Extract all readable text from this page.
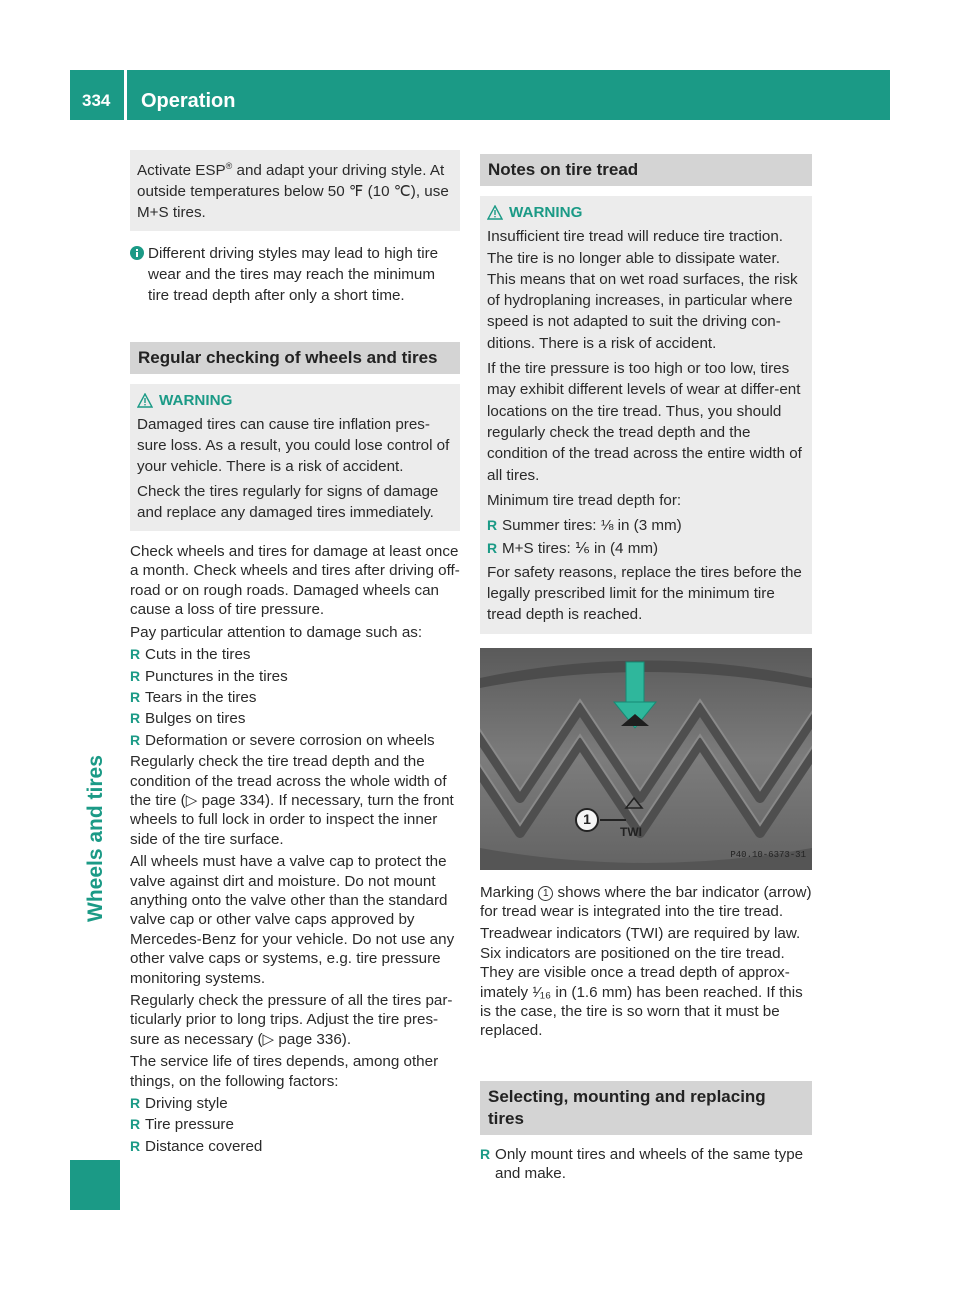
334	Operation
Wheels and tires

Activate ESP® and adapt your driving style. At outside temperatures below 50 ℉ (10 ℃), use M+S tires.

Different driving styles may lead to high tire wear and the tires may reach the minimum tire tread depth after only a short time.
Regular checking of wheels and tires
WARNING

Damaged tires can cause tire inflation pres-sure loss. As a result, you could lose control of your vehicle. There is a risk of accident.

Check the tires regularly for signs of damage and replace any damaged tires immediately.

Check wheels and tires for damage at least once a month. Check wheels and tires after driving off-road or on rough roads. Damaged wheels can cause a loss of tire pressure.

Pay particular attention to damage such as:

R Cuts in the tires
R Punctures in the tires
R Tears in the tires
R Bulges on tires
R Deformation or severe corrosion on wheels

Regularly check the tire tread depth and the condition of the tread across the whole width of the tire (▷ page 334). If necessary, turn the front wheels to full lock in order to inspect the inner side of the tire surface.

All wheels must have a valve cap to protect the valve against dirt and moisture. Do not mount anything onto the valve other than the standard valve cap or other valve caps approved by Mercedes-Benz for your vehicle. Do not use any other valve caps or systems, e.g. tire pressure monitoring systems.

Regularly check the pressure of all the tires par-ticularly prior to long trips. Adjust the tire pres-sure as necessary (▷ page 336).

The service life of tires depends, among other things, on the following factors:

R Driving style
R Tire pressure
R Distance covered
Notes on tire tread
WARNING

Insufficient tire tread will reduce tire traction. The tire is no longer able to dissipate water. This means that on wet road surfaces, the risk of hydroplaning increases, in particular where speed is not adapted to suit the driving con-ditions. There is a risk of accident.

If the tire pressure is too high or too low, tires may exhibit different levels of wear at differ-ent locations on the tire tread. Thus, you should regularly check the tread depth and the condition of the tread across the entire width of all tires.

Minimum tire tread depth for:

R Summer tires: ⅛ in (3 mm)
R M+S tires: ⅙ in (4 mm)

For safety reasons, replace the tires before the legally prescribed limit for the minimum tire tread depth is reached.

1
TWI
P40.10-6373-31

Marking 1 shows where the bar indicator (arrow) for tread wear is integrated into the tire tread.

Treadwear indicators (TWI) are required by law. Six indicators are positioned on the tire tread. They are visible once a tread depth of approx-imately ¹⁄₁₆ in (1.6 mm) has been reached. If this is the case, the tire is so worn that it must be replaced.

Selecting, mounting and replacing tires
R Only mount tires and wheels of the same type and make.
